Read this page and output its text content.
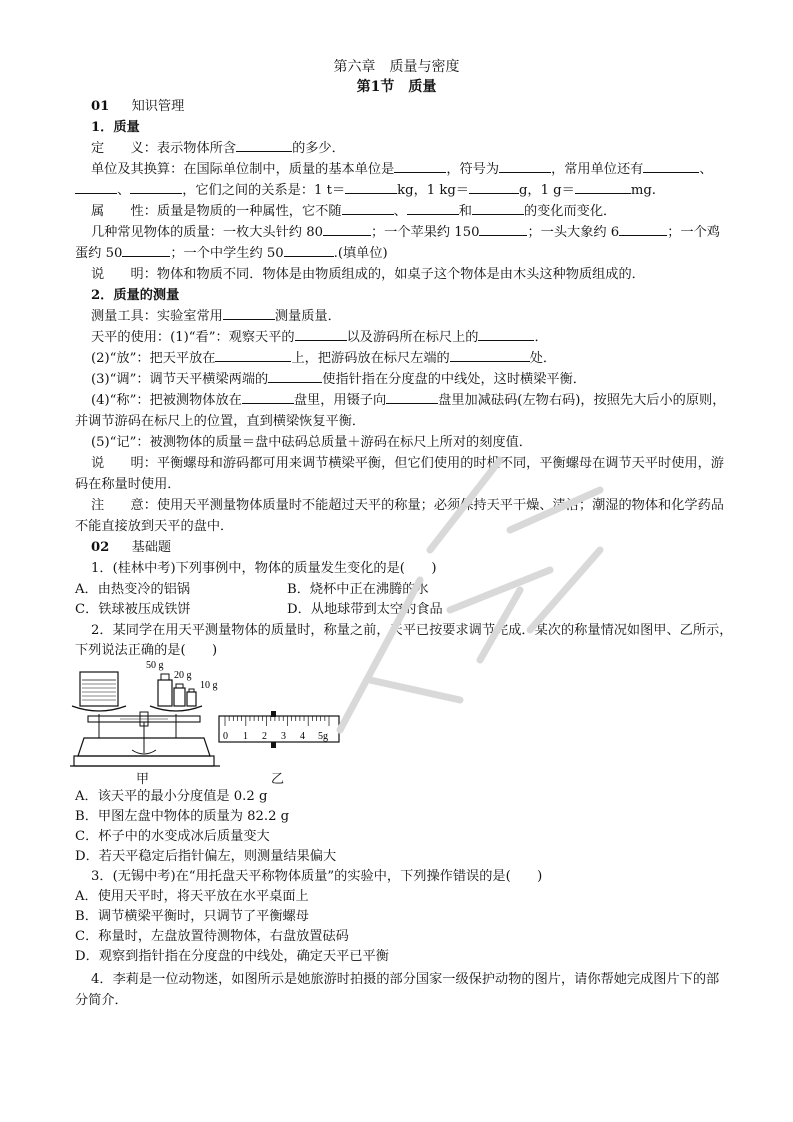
第六章　质量与密度
第1节　质量
01 知识管理
1．质量
定　　义：表示物体所含	的多少．
单位及其换算：在国际单位制中，质量的基本单位是	，符号为	，常用单位还有	、
、	，它们之间的关系是：1 t＝	kg，1 kg＝	g，1 g＝	mg.
属　　性：质量是物质的一种属性，它不随	、	和	的变化而变化．
几种常见物体的质量：一枚大头针约 80	；一个苹果约 150	；一头大象约 6	；一个鸡
蛋约 50	；一个中学生约 50	.(填单位)
说　　明：物体和物质不同．物体是由物质组成的，如桌子这个物体是由木头这种物质组成的．
2．质量的测量
测量工具：实验室常用	测量质量．
天平的使用：(1)“看”：观察天平的	以及游码所在标尺上的	．
(2)“放”：把天平放在	上，把游码放在标尺左端的	处．
(3)“调”：调节天平横梁两端的	使指针指在分度盘的中线处，这时横梁平衡．
(4)“称”：把被测物体放在	盘里，用镊子向	盘里加减砝码(左物右码)，按照先大后小的原则，
并调节游码在标尺上的位置，直到横梁恢复平衡．
(5)“记”：被测物体的质量＝盘中砝码总质量＋游码在标尺上所对的刻度值．
说　　明：平衡螺母和游码都可用来调节横梁平衡，但它们使用的时机不同，平衡螺母在调节天平时使用，游
码在称量时使用．
注　　意：使用天平测量物体质量时不能超过天平的称量；必须保持天平干燥、清洁；潮湿的物体和化学药品
不能直接放到天平的盘中．
02 基础题
1．(桂林中考)下列事例中，物体的质量发生变化的是(　　)
A．由热变冷的铝锅	B．烧杯中正在沸腾的水
C．铁球被压成铁饼	D．从地球带到太空的食品
2．某同学在用天平测量物体的质量时，称量之前，天平已按要求调节完成．某次的称量情况如图甲、乙所示，
下列说法正确的是(　　)
50 g
20 g
10 g
0 1 2 3 4 5g
甲	乙
A．该天平的最小分度值是 0.2 g
B．甲图左盘中物体的质量为 82.2 g
C．杯子中的水变成冰后质量变大
D．若天平稳定后指针偏左，则测量结果偏大
3．(无锡中考)在“用托盘天平称物体质量”的实验中，下列操作错误的是(　　)
A．使用天平时，将天平放在水平桌面上
B．调节横梁平衡时，只调节了平衡螺母
C．称量时，左盘放置待测物体，右盘放置砝码
D．观察到指针指在分度盘的中线处，确定天平已平衡
4．李莉是一位动物迷，如图所示是她旅游时拍摄的部分国家一级保护动物的图片，请你帮她完成图片下的部
分简介．
